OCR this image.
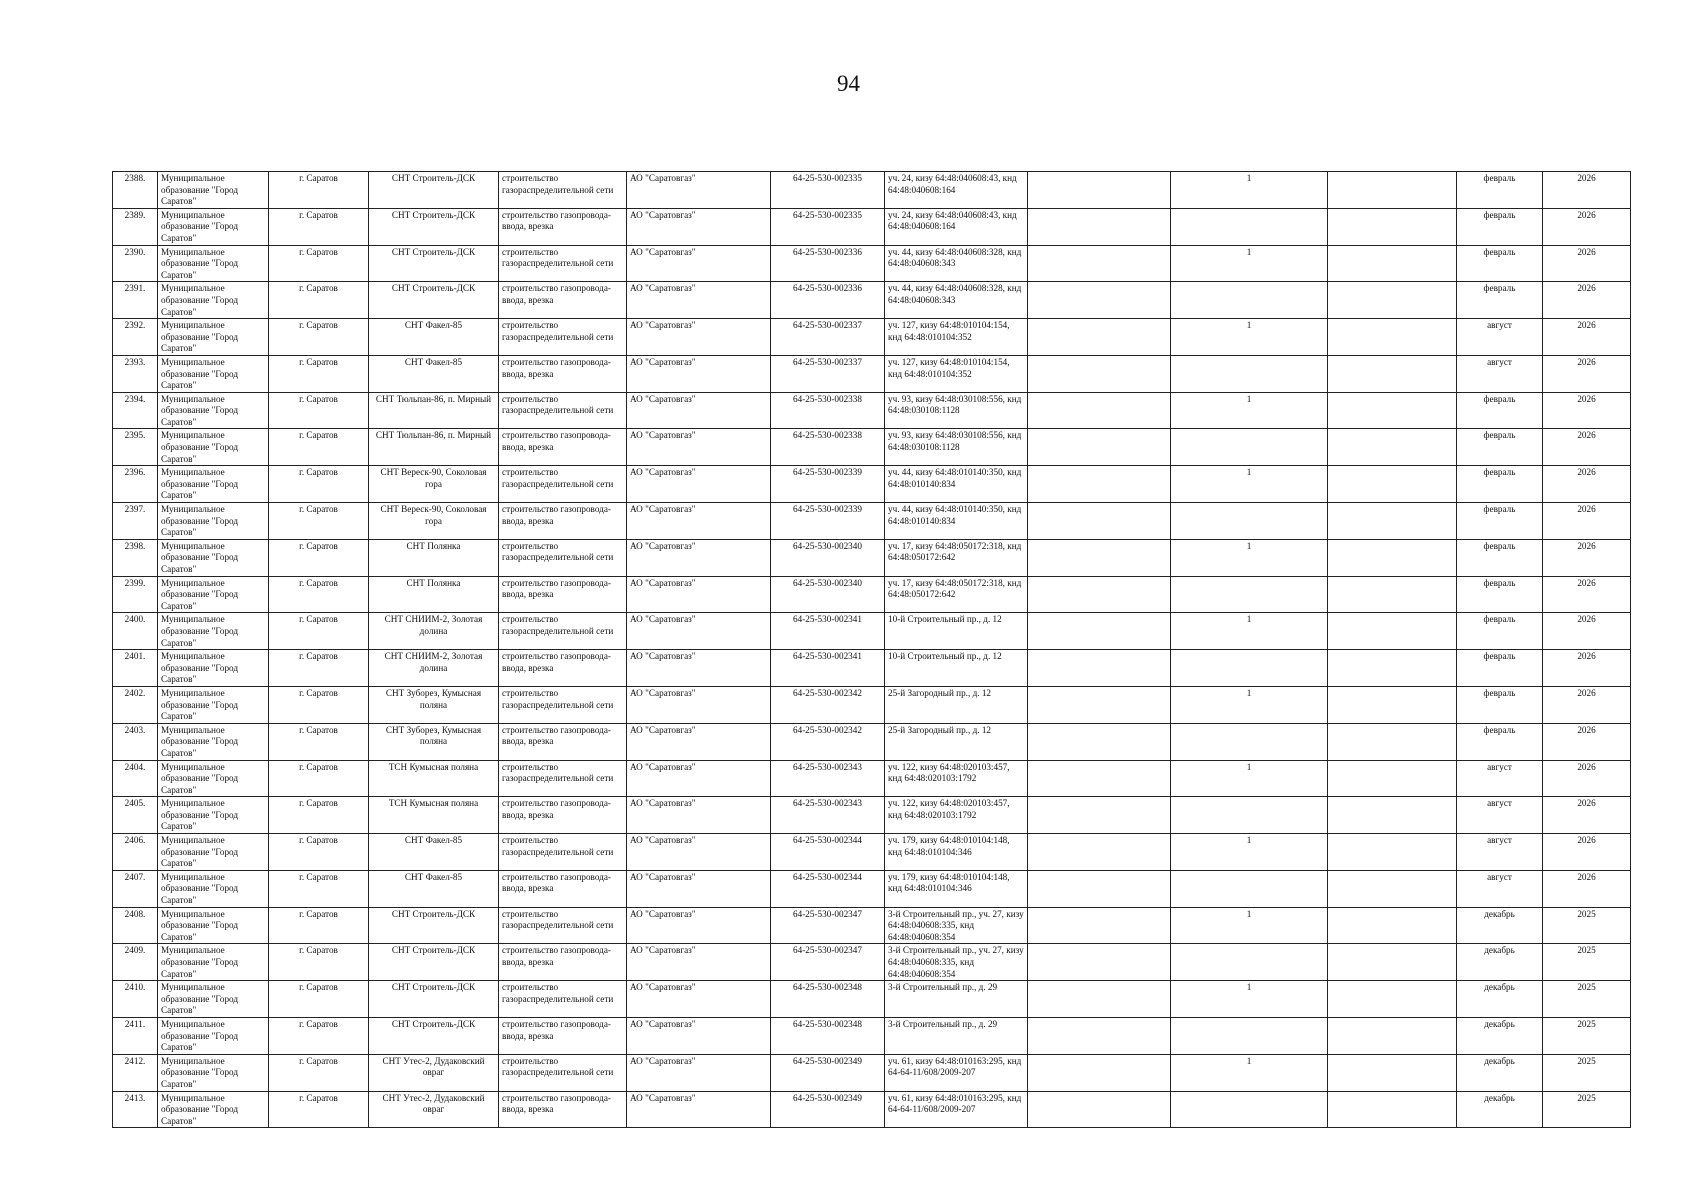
94
2388.	Муниципальное образование "Город Саратов"	г. Саратов	СНТ Строитель-ДСК	строительство газораспределительной сети	АО "Саратовгаз"	64-25-530-002335	уч. 24, кизу 64:48:040608:43, кнд 64:48:040608:164		1		февраль	2026
2389.	Муниципальное образование "Город Саратов"	г. Саратов	СНТ Строитель-ДСК	строительство газопровода-ввода, врезка	АО "Саратовгаз"	64-25-530-002335	уч. 24, кизу 64:48:040608:43, кнд 64:48:040608:164				февраль	2026
2390.	Муниципальное образование "Город Саратов"	г. Саратов	СНТ Строитель-ДСК	строительство газораспределительной сети	АО "Саратовгаз"	64-25-530-002336	уч. 44, кизу 64:48:040608:328, кнд 64:48:040608:343		1		февраль	2026
2391.	Муниципальное образование "Город Саратов"	г. Саратов	СНТ Строитель-ДСК	строительство газопровода-ввода, врезка	АО "Саратовгаз"	64-25-530-002336	уч. 44, кизу 64:48:040608:328, кнд 64:48:040608:343				февраль	2026
2392.	Муниципальное образование "Город Саратов"	г. Саратов	СНТ Факел-85	строительство газораспределительной сети	АО "Саратовгаз"	64-25-530-002337	уч. 127, кизу 64:48:010104:154, кнд 64:48:010104:352		1		август	2026
2393.	Муниципальное образование "Город Саратов"	г. Саратов	СНТ Факел-85	строительство газопровода-ввода, врезка	АО "Саратовгаз"	64-25-530-002337	уч. 127, кизу 64:48:010104:154, кнд 64:48:010104:352				август	2026
2394.	Муниципальное образование "Город Саратов"	г. Саратов	СНТ Тюльпан-86, п. Мирный	строительство газораспределительной сети	АО "Саратовгаз"	64-25-530-002338	уч. 93, кизу 64:48:030108:556, кнд 64:48:030108:1128		1		февраль	2026
2395.	Муниципальное образование "Город Саратов"	г. Саратов	СНТ Тюльпан-86, п. Мирный	строительство газопровода-ввода, врезка	АО "Саратовгаз"	64-25-530-002338	уч. 93, кизу 64:48:030108:556, кнд 64:48:030108:1128				февраль	2026
2396.	Муниципальное образование "Город Саратов"	г. Саратов	СНТ Вереск-90, Соколовая гора	строительство газораспределительной сети	АО "Саратовгаз"	64-25-530-002339	уч. 44, кизу 64:48:010140:350, кнд 64:48:010140:834		1		февраль	2026
2397.	Муниципальное образование "Город Саратов"	г. Саратов	СНТ Вереск-90, Соколовая гора	строительство газопровода-ввода, врезка	АО "Саратовгаз"	64-25-530-002339	уч. 44, кизу 64:48:010140:350, кнд 64:48:010140:834				февраль	2026
2398.	Муниципальное образование "Город Саратов"	г. Саратов	СНТ Полянка	строительство газораспределительной сети	АО "Саратовгаз"	64-25-530-002340	уч. 17, кизу 64:48:050172:318, кнд 64:48:050172:642		1		февраль	2026
2399.	Муниципальное образование "Город Саратов"	г. Саратов	СНТ Полянка	строительство газопровода-ввода, врезка	АО "Саратовгаз"	64-25-530-002340	уч. 17, кизу 64:48:050172:318, кнд 64:48:050172:642				февраль	2026
2400.	Муниципальное образование "Город Саратов"	г. Саратов	СНТ СНИИМ-2, Золотая долина	строительство газораспределительной сети	АО "Саратовгаз"	64-25-530-002341	10-й Строительный пр., д. 12		1		февраль	2026
2401.	Муниципальное образование "Город Саратов"	г. Саратов	СНТ СНИИМ-2, Золотая долина	строительство газопровода-ввода, врезка	АО "Саратовгаз"	64-25-530-002341	10-й Строительный пр., д. 12				февраль	2026
2402.	Муниципальное образование "Город Саратов"	г. Саратов	СНТ Зуборез, Кумысная поляна	строительство газораспределительной сети	АО "Саратовгаз"	64-25-530-002342	25-й Загородный пр., д. 12		1		февраль	2026
2403.	Муниципальное образование "Город Саратов"	г. Саратов	СНТ Зуборез, Кумысная поляна	строительство газопровода-ввода, врезка	АО "Саратовгаз"	64-25-530-002342	25-й Загородный пр., д. 12				февраль	2026
2404.	Муниципальное образование "Город Саратов"	г. Саратов	ТСН Кумысная поляна	строительство газораспределительной сети	АО "Саратовгаз"	64-25-530-002343	уч. 122, кизу 64:48:020103:457, кнд 64:48:020103:1792		1		август	2026
2405.	Муниципальное образование "Город Саратов"	г. Саратов	ТСН Кумысная поляна	строительство газопровода-ввода, врезка	АО "Саратовгаз"	64-25-530-002343	уч. 122, кизу 64:48:020103:457, кнд 64:48:020103:1792				август	2026
2406.	Муниципальное образование "Город Саратов"	г. Саратов	СНТ Факел-85	строительство газораспределительной сети	АО "Саратовгаз"	64-25-530-002344	уч. 179, кизу 64:48:010104:148, кнд 64:48:010104:346		1		август	2026
2407.	Муниципальное образование "Город Саратов"	г. Саратов	СНТ Факел-85	строительство газопровода-ввода, врезка	АО "Саратовгаз"	64-25-530-002344	уч. 179, кизу 64:48:010104:148, кнд 64:48:010104:346				август	2026
2408.	Муниципальное образование "Город Саратов"	г. Саратов	СНТ Строитель-ДСК	строительство газораспределительной сети	АО "Саратовгаз"	64-25-530-002347	3-й Строительный пр., уч. 27, кизу 64:48:040608:335, кнд 64:48:040608:354		1		декабрь	2025
2409.	Муниципальное образование "Город Саратов"	г. Саратов	СНТ Строитель-ДСК	строительство газопровода-ввода, врезка	АО "Саратовгаз"	64-25-530-002347	3-й Строительный пр., уч. 27, кизу 64:48:040608:335, кнд 64:48:040608:354				декабрь	2025
2410.	Муниципальное образование "Город Саратов"	г. Саратов	СНТ Строитель-ДСК	строительство газораспределительной сети	АО "Саратовгаз"	64-25-530-002348	3-й Строительный пр., д. 29		1		декабрь	2025
2411.	Муниципальное образование "Город Саратов"	г. Саратов	СНТ Строитель-ДСК	строительство газопровода-ввода, врезка	АО "Саратовгаз"	64-25-530-002348	3-й Строительный пр., д. 29				декабрь	2025
2412.	Муниципальное образование "Город Саратов"	г. Саратов	СНТ Утес-2, Дудаковский овраг	строительство газораспределительной сети	АО "Саратовгаз"	64-25-530-002349	уч. 61, кизу 64:48:010163:295, кнд 64-64-11/608/2009-207		1		декабрь	2025
2413.	Муниципальное образование "Город Саратов"	г. Саратов	СНТ Утес-2, Дудаковский овраг	строительство газопровода-ввода, врезка	АО "Саратовгаз"	64-25-530-002349	уч. 61, кизу 64:48:010163:295, кнд 64-64-11/608/2009-207				декабрь	2025
